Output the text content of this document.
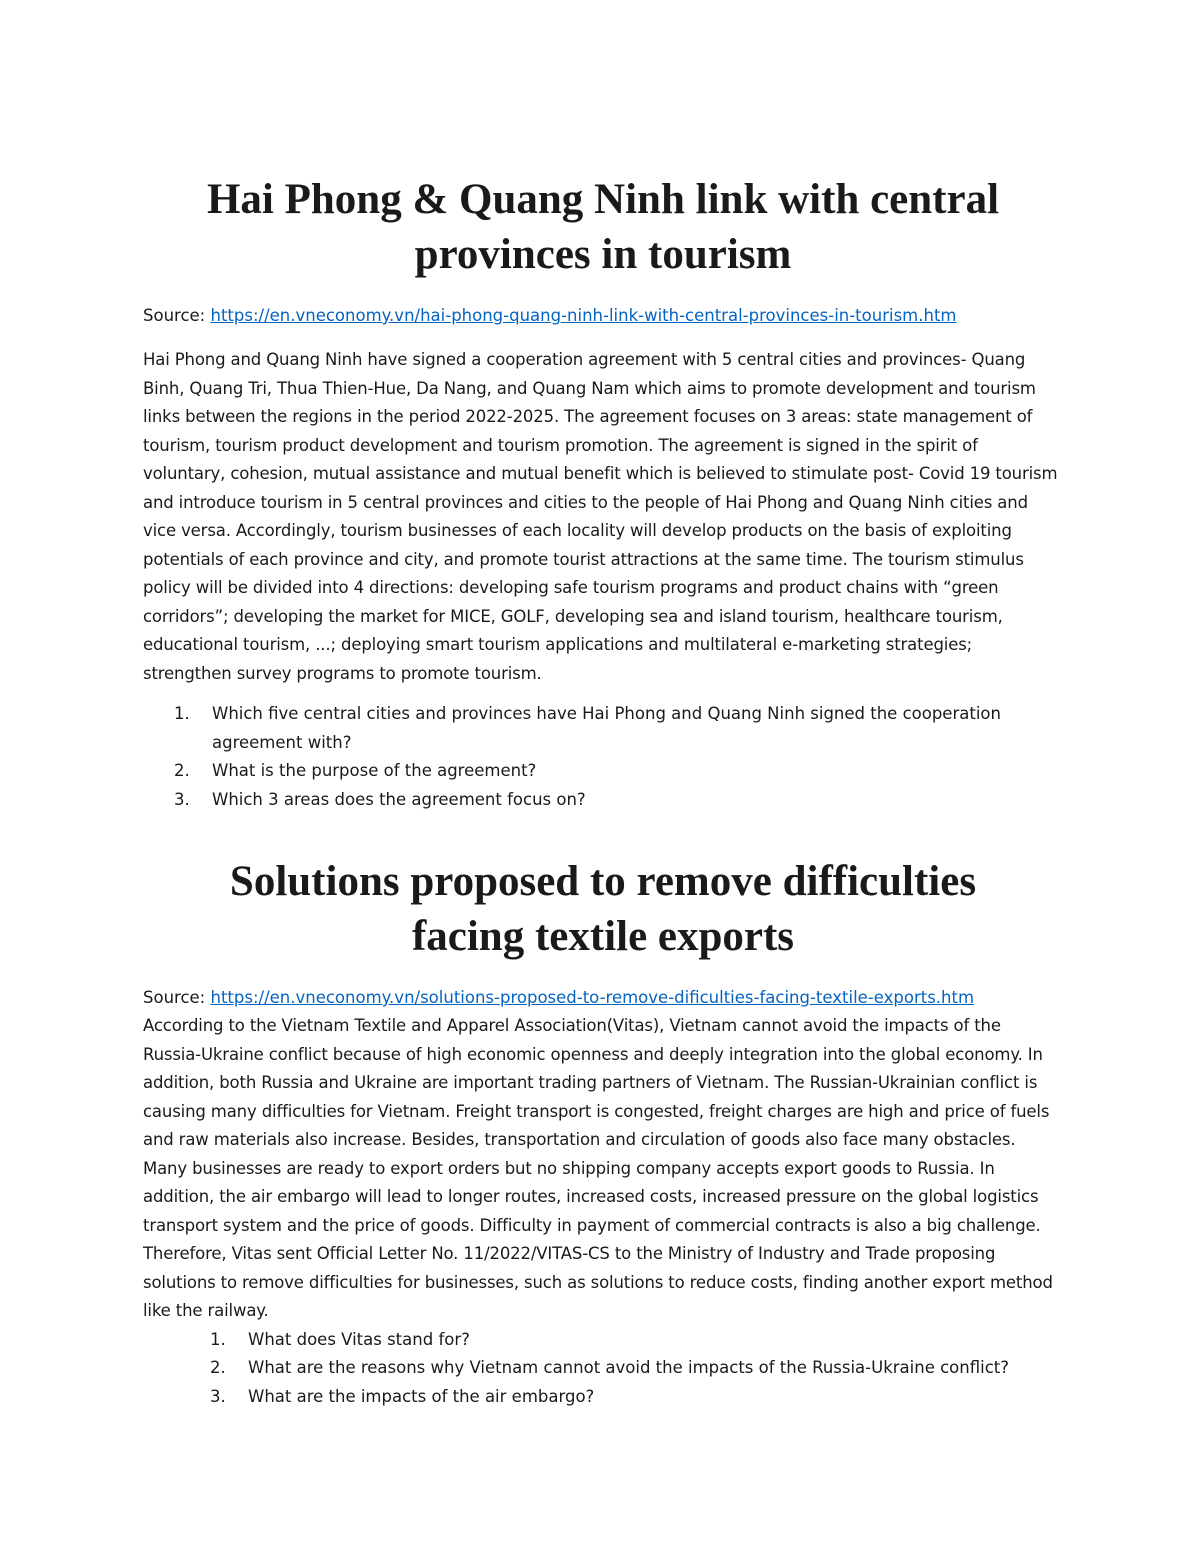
Hai Phong & Quang Ninh link with central
provinces in tourism

Source: https://en.vneconomy.vn/hai-phong-quang-ninh-link-with-central-provinces-in-tourism.htm

Hai Phong and Quang Ninh have signed a cooperation agreement with 5 central cities and provinces- Quang Binh, Quang Tri, Thua Thien-Hue, Da Nang, and Quang Nam which aims to promote development and tourism links between the regions in the period 2022-2025. The agreement focuses on 3 areas: state management of tourism, tourism product development and tourism promotion. The agreement is signed in the spirit of voluntary, cohesion, mutual assistance and mutual benefit which is believed to stimulate post- Covid 19 tourism and introduce tourism in 5 central provinces and cities to the people of Hai Phong and Quang Ninh cities and vice versa. Accordingly, tourism businesses of each locality will develop products on the basis of exploiting potentials of each province and city, and promote tourist attractions at the same time. The tourism stimulus policy will be divided into 4 directions: developing safe tourism programs and product chains with “green corridors”; developing the market for MICE, GOLF, developing sea and island tourism, healthcare tourism, educational tourism, ...; deploying smart tourism applications and multilateral e-marketing strategies; strengthen survey programs to promote tourism.

1. Which five central cities and provinces have Hai Phong and Quang Ninh signed the cooperation agreement with?
2. What is the purpose of the agreement?
3. Which 3 areas does the agreement focus on?
Solutions proposed to remove difficulties
facing textile exports

Source: https://en.vneconomy.vn/solutions-proposed-to-remove-dificulties-facing-textile-exports.htm

According to the Vietnam Textile and Apparel Association(Vitas), Vietnam cannot avoid the impacts of the Russia-Ukraine conflict because of high economic openness and deeply integration into the global economy. In addition, both Russia and Ukraine are important trading partners of Vietnam. The Russian-Ukrainian conflict is causing many difficulties for Vietnam. Freight transport is congested, freight charges are high and price of fuels and raw materials also increase. Besides, transportation and circulation of goods also face many obstacles. Many businesses are ready to export orders but no shipping company accepts export goods to Russia. In addition, the air embargo will lead to longer routes, increased costs, increased pressure on the global logistics transport system and the price of goods. Difficulty in payment of commercial contracts is also a big challenge. Therefore, Vitas sent Official Letter No. 11/2022/VITAS-CS to the Ministry of Industry and Trade proposing solutions to remove difficulties for businesses, such as solutions to reduce costs, finding another export method like the railway.

1. What does Vitas stand for?
2. What are the reasons why Vietnam cannot avoid the impacts of the Russia-Ukraine conflict?
3. What are the impacts of the air embargo?
